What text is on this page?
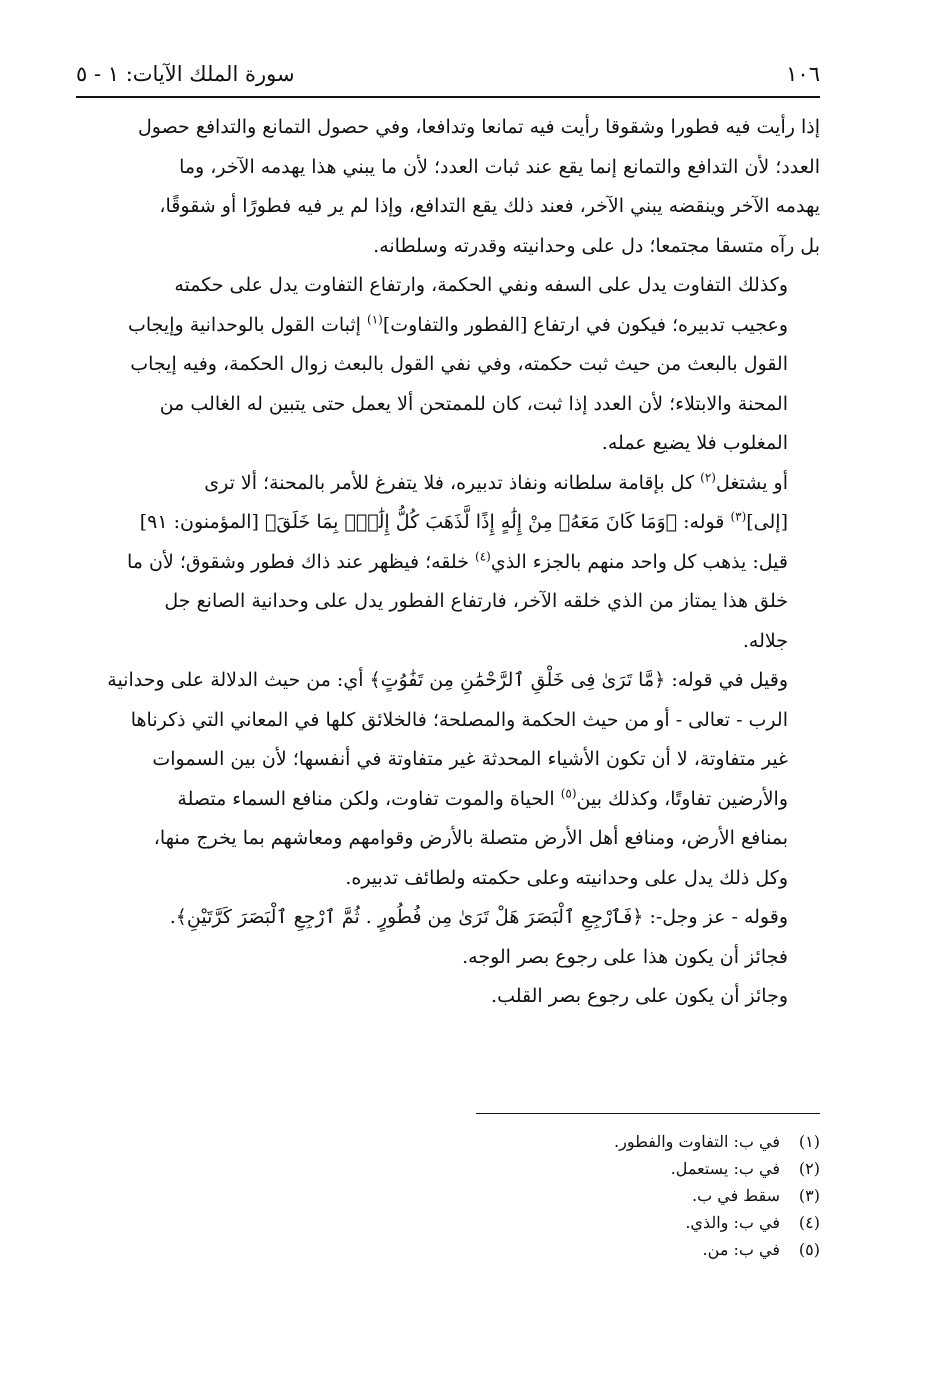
١٠٦
سورة الملك الآيات: ١ - ٥

إذا رأيت فيه فطورا وشقوقا رأيت فيه تمانعا وتدافعا، وفي حصول التمانع والتدافع حصول
العدد؛ لأن التدافع والتمانع إنما يقع عند ثبات العدد؛ لأن ما يبني هذا يهدمه الآخر، وما
يهدمه الآخر وينقضه يبني الآخر، فعند ذلك يقع التدافع، وإذا لم ير فيه فطورًا أو شقوقًا،
بل رآه متسقا مجتمعا؛ دل على وحدانيته وقدرته وسلطانه.

وكذلك التفاوت يدل على السفه ونفي الحكمة، وارتفاع التفاوت يدل على حكمته
وعجيب تدبيره؛ فيكون في ارتفاع [الفطور والتفاوت]$^{(١)}$ إثبات القول بالوحدانية وإيجاب
القول بالبعث من حيث ثبت حكمته، وفي نفي القول بالبعث زوال الحكمة، وفيه إيجاب
المحنة والابتلاء؛ لأن العدد إذا ثبت، كان للممتحن ألا يعمل حتى يتبين له الغالب من
المغلوب فلا يضيع عمله.

أو يشتغل$^{(٢)}$ كل بإقامة سلطانه ونفاذ تدبيره، فلا يتفرغ للأمر بالمحنة؛ ألا ترى
[إلى]$^{(٣)}$ قوله: ﴿وَمَا كَانَ مَعَهُۥ مِنْ إِلَٰهٍ إِذًا لَّذَهَبَ كُلُّ إِلَٰهٍۭ بِمَا خَلَقَ﴾ [المؤمنون: ٩١]
قيل: يذهب كل واحد منهم بالجزء الذي$^{(٤)}$ خلقه؛ فيظهر عند ذاك فطور وشقوق؛ لأن ما
خلق هذا يمتاز من الذي خلقه الآخر، فارتفاع الفطور يدل على وحدانية الصانع جل
جلاله.

وقيل في قوله: ﴿مَّا تَرَىٰ فِى خَلْقِ ٱلرَّحْمَٰنِ مِن تَفَٰوُتٍ﴾ أي: من حيث الدلالة على وحدانية
الرب - تعالى - أو من حيث الحكمة والمصلحة؛ فالخلائق كلها في المعاني التي ذكرناها
غير متفاوتة، لا أن تكون الأشياء المحدثة غير متفاوتة في أنفسها؛ لأن بين السموات
والأرضين تفاوتًا، وكذلك بين$^{(٥)}$ الحياة والموت تفاوت، ولكن منافع السماء متصلة
بمنافع الأرض، ومنافع أهل الأرض متصلة بالأرض وقوامهم ومعاشهم بما يخرج منها،
وكل ذلك يدل على وحدانيته وعلى حكمته ولطائف تدبيره.

وقوله - عز وجل-: ﴿فَٱرْجِعِ ٱلْبَصَرَ هَلْ تَرَىٰ مِن فُطُورٍ . ثُمَّ ٱرْجِعِ ٱلْبَصَرَ كَرَّتَيْنِ﴾.

فجائز أن يكون هذا على رجوع بصر الوجه.

وجائز أن يكون على رجوع بصر القلب.

(١)
في ب: التفاوت والفطور.
(٢)
في ب: يستعمل.
(٣)
سقط في ب.
(٤)
في ب: والذي.
(٥)
في ب: من.
